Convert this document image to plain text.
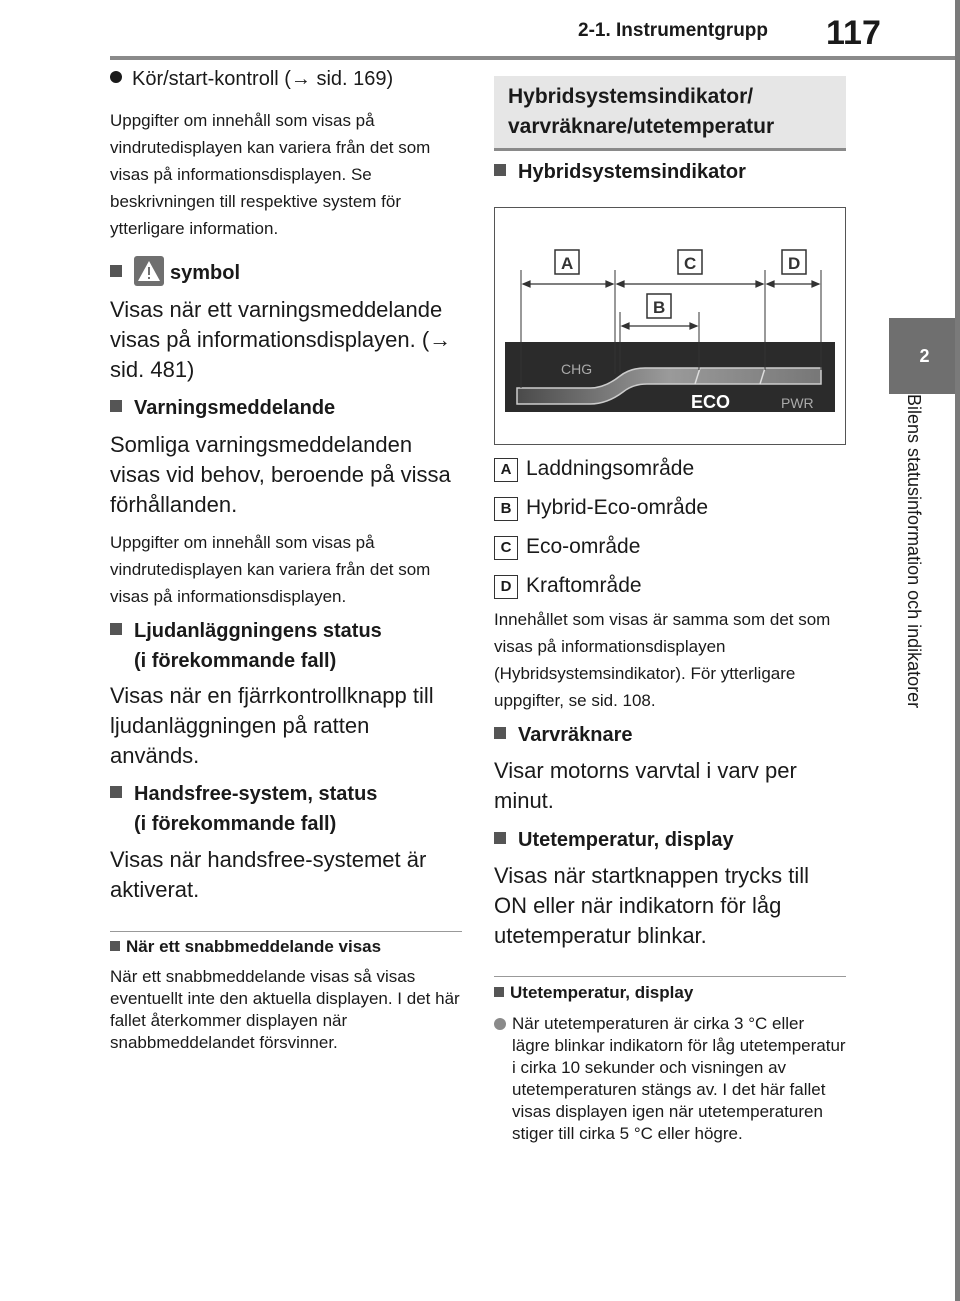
2-1. Instrumentgrupp 117
2
Bilens statusinformation och indikatorer
Kör/start-kontroll (→ sid. 169)
Uppgifter om innehåll som visas på vindrutedisplayen kan variera från det som visas på informationsdisplayen. Se beskrivningen till respektive system för ytterligare information.
symbol
Visas när ett varningsmeddelande visas på informationsdisplayen. (→ sid. 481)
Varningsmeddelande
Somliga varningsmeddelanden visas vid behov, beroende på vissa förhållanden.
Uppgifter om innehåll som visas på vindrutedisplayen kan variera från det som visas på informationsdisplayen.
Ljudanläggningens status
(i förekommande fall)
Visas när en fjärrkontrollknapp till ljudanläggningen på ratten används.
Handsfree-system, status
(i förekommande fall)
Visas när handsfree-systemet är aktiverat.
När ett snabbmeddelande visas
När ett snabbmeddelande visas så visas eventuellt inte den aktuella displayen. I det här fallet återkommer displayen när snabbmeddelandet försvinner.
Hybridsystemsindikator/
varvräknare/utetemperatur
Hybridsystemsindikator
CHG
ECO	PWR
A	C	D
B
A Laddningsområde
B Hybrid-Eco-område
C Eco-område
D Kraftområde
Innehållet som visas är samma som det som visas på informationsdisplayen (Hybridsystemsindikator). För ytterligare uppgifter, se sid. 108.
Varvräknare
Visar motorns varvtal i varv per minut.
Utetemperatur, display
Visas när startknappen trycks till ON eller när indikatorn för låg utetemperatur blinkar.
Utetemperatur, display
När utetemperaturen är cirka 3 °C eller lägre blinkar indikatorn för låg utetemperatur i cirka 10 sekunder och visningen av utetemperaturen stängs av. I det här fallet visas displayen igen när utetemperaturen stiger till cirka 5 °C eller högre.
